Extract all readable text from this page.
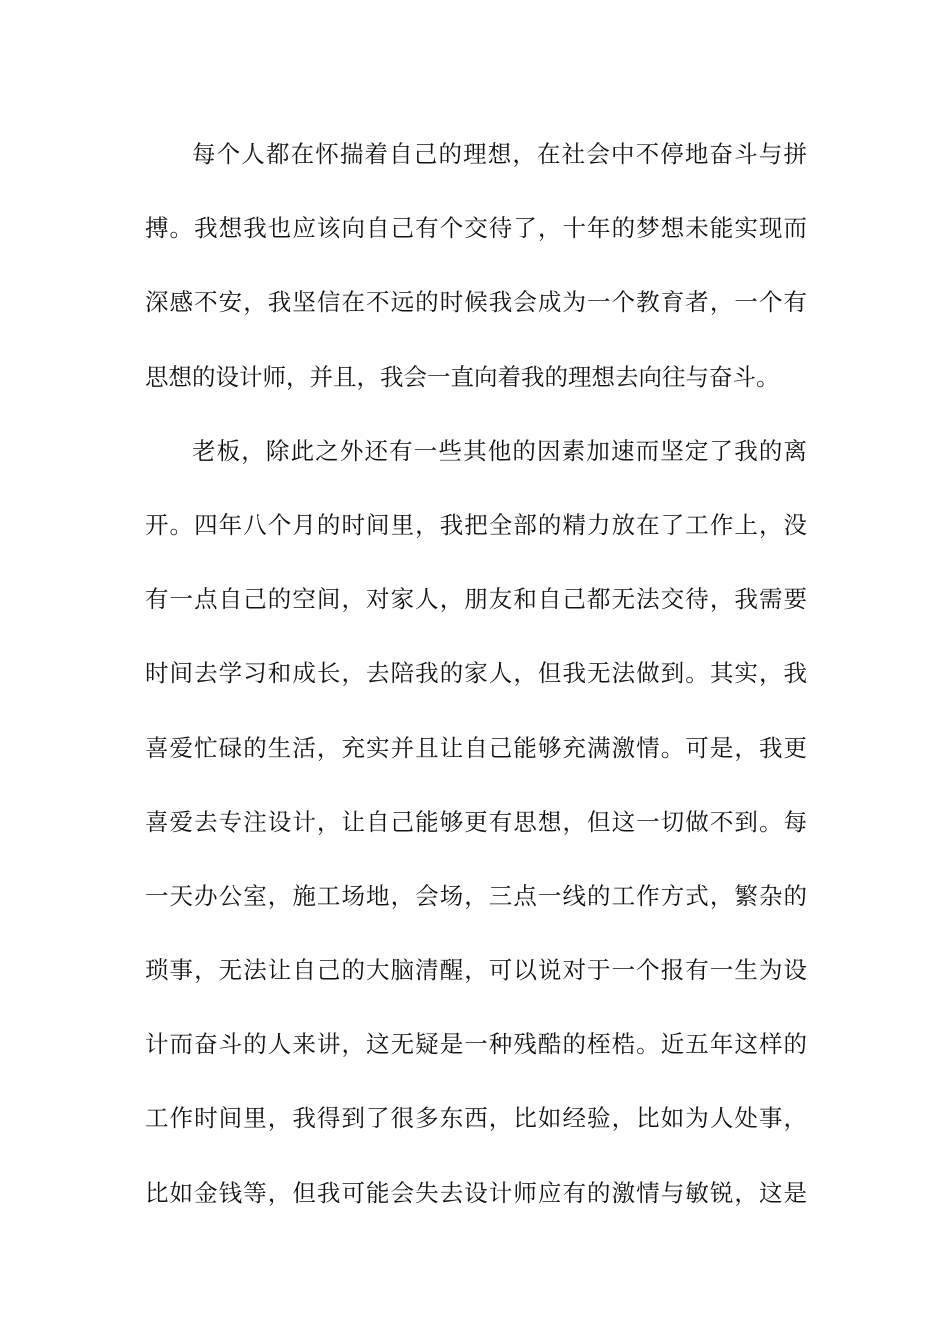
每个人都在怀揣着自己的理想，在社会中不停地奋斗与拼
搏。我想我也应该向自己有个交待了，十年的梦想未能实现而
深感不安，我坚信在不远的时候我会成为一个教育者，一个有
思想的设计师，并且，我会一直向着我的理想去向往与奋斗。
老板，除此之外还有一些其他的因素加速而坚定了我的离
开。四年八个月的时间里，我把全部的精力放在了工作上，没
有一点自己的空间，对家人，朋友和自己都无法交待，我需要
时间去学习和成长，去陪我的家人，但我无法做到。其实，我
喜爱忙碌的生活，充实并且让自己能够充满激情。可是，我更
喜爱去专注设计，让自己能够更有思想，但这一切做不到。每
一天办公室，施工场地，会场，三点一线的工作方式，繁杂的
琐事，无法让自己的大脑清醒，可以说对于一个报有一生为设
计而奋斗的人来讲，这无疑是一种残酷的桎梏。近五年这样的
工作时间里，我得到了很多东西，比如经验，比如为人处事，
比如金钱等，但我可能会失去设计师应有的激情与敏锐，这是
